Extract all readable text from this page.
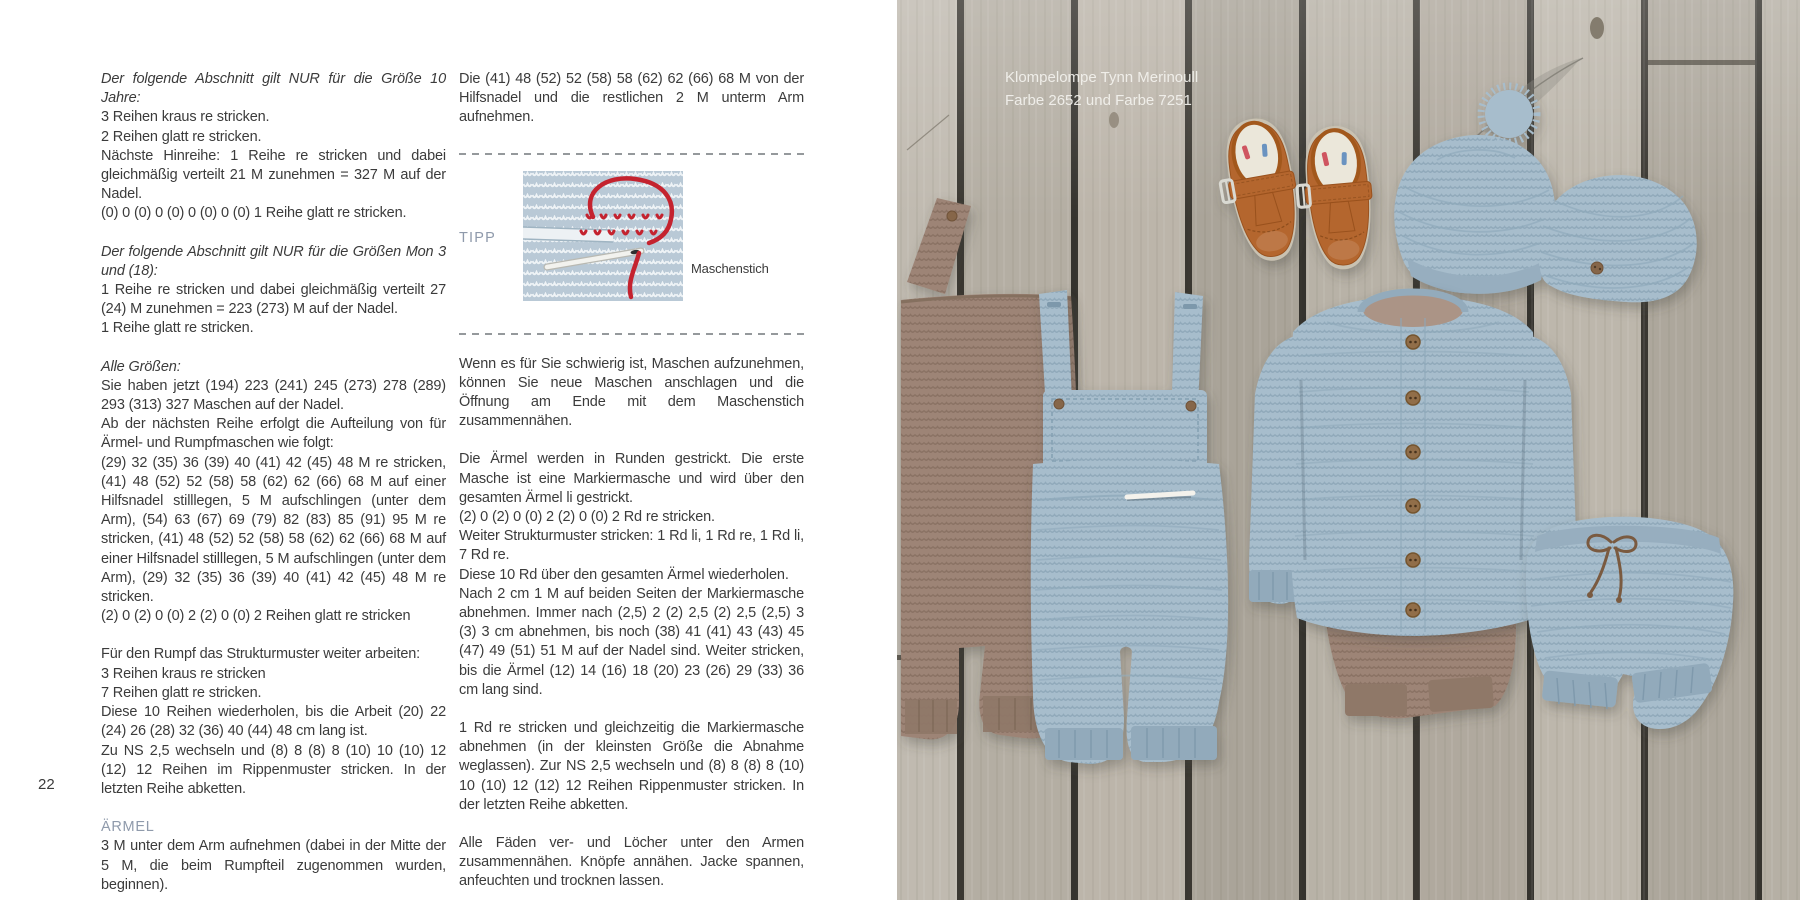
Der folgende Abschnitt gilt NUR für die Größe 10 Jahre:

3 Reihen kraus re stricken.

2 Reihen glatt re stricken.

Nächste Hinreihe: 1 Reihe re stricken und dabei gleichmäßig verteilt 21 M zunehmen = 327 M auf der Nadel.

(0) 0 (0) 0 (0) 0 (0) 0 (0) 1 Reihe glatt re stricken.

Der folgende Abschnitt gilt NUR für die Größen Mon 3 und (18):

1 Reihe re stricken und dabei gleichmäßig verteilt 27 (24) M zunehmen = 223 (273) M auf der Nadel.

1 Reihe glatt re stricken.

Alle Größen:

Sie haben jetzt (194) 223 (241) 245 (273) 278 (289) 293 (313) 327 Maschen auf der Nadel.

Ab der nächsten Reihe erfolgt die Aufteilung von für Ärmel- und Rumpfmaschen wie folgt:

(29) 32 (35) 36 (39) 40 (41) 42 (45) 48 M re stricken, (41) 48 (52) 52 (58) 58 (62) 62 (66) 68 M auf einer Hilfsnadel stilllegen, 5 M aufschlingen (unter dem Arm), (54) 63 (67) 69 (79) 82 (83) 85 (91) 95 M re stricken, (41) 48 (52) 52 (58) 58 (62) 62 (66) 68 M auf einer Hilfsnadel stilllegen, 5 M aufschlingen (unter dem Arm), (29) 32 (35) 36 (39) 40 (41) 42 (45) 48 M re stricken.

(2) 0 (2) 0 (0) 2 (2) 0 (0) 2 Reihen glatt re stricken

Für den Rumpf das Strukturmuster weiter arbeiten:

3 Reihen kraus re stricken

7 Reihen glatt re stricken.

Diese 10 Reihen wiederholen, bis die Arbeit (20) 22 (24) 26 (28) 32 (36) 40 (44) 48 cm lang ist.

Zu NS 2,5 wechseln und (8) 8 (8) 8 (10) 10 (10) 12 (12) 12 Reihen im Rippenmuster stricken. In der letzten Reihe abketten.

ÄRMEL

3 M unter dem Arm aufnehmen (dabei in der Mitte der 5 M, die beim Rumpfteil zugenommen wurden, beginnen).

Die (41) 48 (52) 52 (58) 58 (62) 62 (66) 68 M von der Hilfsnadel und die restlichen 2 M unterm Arm aufnehmen.

TIPP
Maschenstich

Wenn es für Sie schwierig ist, Maschen aufzunehmen, können Sie neue Maschen anschlagen und die Öffnung am Ende mit dem Maschenstich zusammennähen.

Die Ärmel werden in Runden gestrickt. Die erste Masche ist eine Markiermasche und wird über den gesamten Ärmel li gestrickt.

(2) 0 (2) 0 (0) 2 (2) 0 (0) 2 Rd re stricken.

Weiter Strukturmuster stricken: 1 Rd li, 1 Rd re, 1 Rd li, 7 Rd re.

Diese 10 Rd über den gesamten Ärmel wiederholen.

Nach 2 cm 1 M auf beiden Seiten der Markiermasche abnehmen. Immer nach (2,5) 2 (2) 2,5 (2) 2,5 (2,5) 3 (3) 3 cm abnehmen, bis noch (38) 41 (41) 43 (43) 45 (47) 49 (51) 51 M auf der Nadel sind. Weiter stricken, bis die Ärmel (12) 14 (16) 18 (20) 23 (26) 29 (33) 36 cm lang sind.

1 Rd re stricken und gleichzeitig die Markiermasche abnehmen (in der kleinsten Größe die Abnahme weglassen). Zur NS 2,5 wechseln und (8) 8 (8) 8 (10) 10 (10) 12 (12) 12 Reihen Rippenmuster stricken. In der letzten Reihe abketten.

Alle Fäden ver- und Löcher unter den Armen zusammennähen. Knöpfe annähen. Jacke spannen, anfeuchten und trocknen lassen.

22
Klompelompe Tynn Merinoull
Farbe 2652 und Farbe 7251
